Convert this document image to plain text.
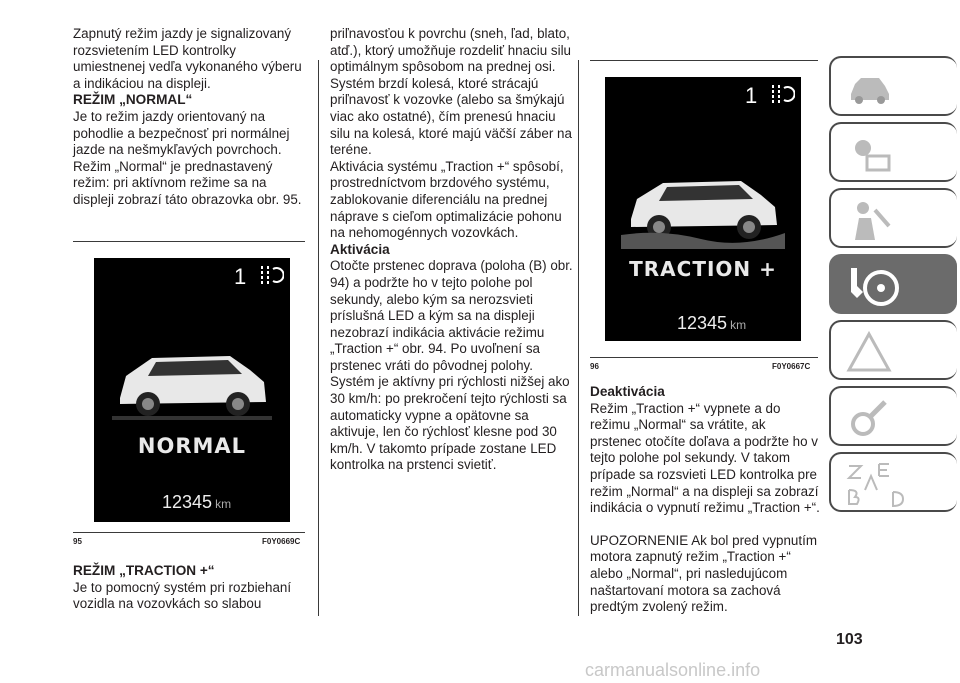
Zapnutý režim jazdy je signalizovaný rozsvietením LED kontrolky umiestnenej vedľa vykonaného výberu a indikáciou na displeji.

REŽIM „NORMAL“

Je to režim jazdy orientovaný na pohodlie a bezpečnosť pri normálnej jazde na nešmykľavých povrchoch. Režim „Normal“ je prednastavený režim: pri aktívnom režime sa na displeji zobrazí táto obrazovka obr. 95.

1
NORMAL
12345 km
95	F0Y0669C
REŽIM „TRACTION +“

Je to pomocný systém pri rozbiehaní vozidla na vozovkách so slabou

priľnavosťou k povrchu (sneh, ľad, blato, atď.), ktorý umožňuje rozdeliť hnaciu silu optimálnym spôsobom na prednej osi.

Systém brzdí kolesá, ktoré strácajú priľnavosť k vozovke (alebo sa šmýkajú viac ako ostatné), čím prenesú hnaciu silu na kolesá, ktoré majú väčší záber na teréne.

Aktivácia systému „Traction +“ spôsobí, prostredníctvom brzdového systému, zablokovanie diferenciálu na prednej náprave s cieľom optimalizácie pohonu na nehomogénnych vozovkách.

Aktivácia

Otočte prstenec doprava (poloha (B) obr. 94) a podržte ho v tejto polohe pol sekundy, alebo kým sa nerozsvieti príslušná LED a kým sa na displeji nezobrazí indikácia aktivácie režimu „Traction +“ obr. 94. Po uvoľnení sa prstenec vráti do pôvodnej polohy. Systém je aktívny pri rýchlosti nižšej ako 30 km/h: po prekročení tejto rýchlosti sa automaticky vypne a opätovne sa aktivuje, len čo rýchlosť klesne pod 30 km/h. V takomto prípade zostane LED kontrolka na prstenci svietiť.

1
TRACTION +
12345 km
96	F0Y0667C
Deaktivácia

Režim „Traction +“ vypnete a do režimu „Normal“ sa vrátite, ak prstenec otočíte doľava a podržte ho v tejto polohe pol sekundy. V takom prípade sa rozsvieti LED kontrolka pre režim „Normal“ a na displeji sa zobrazí indikácia o vypnutí režimu „Traction +“.

UPOZORNENIE Ak bol pred vypnutím motora zapnutý režim „Traction +“ alebo „Normal“, pri nasledujúcom naštartovaní motora sa zachová predtým zvolený režim.

103
carmanualsonline.info
